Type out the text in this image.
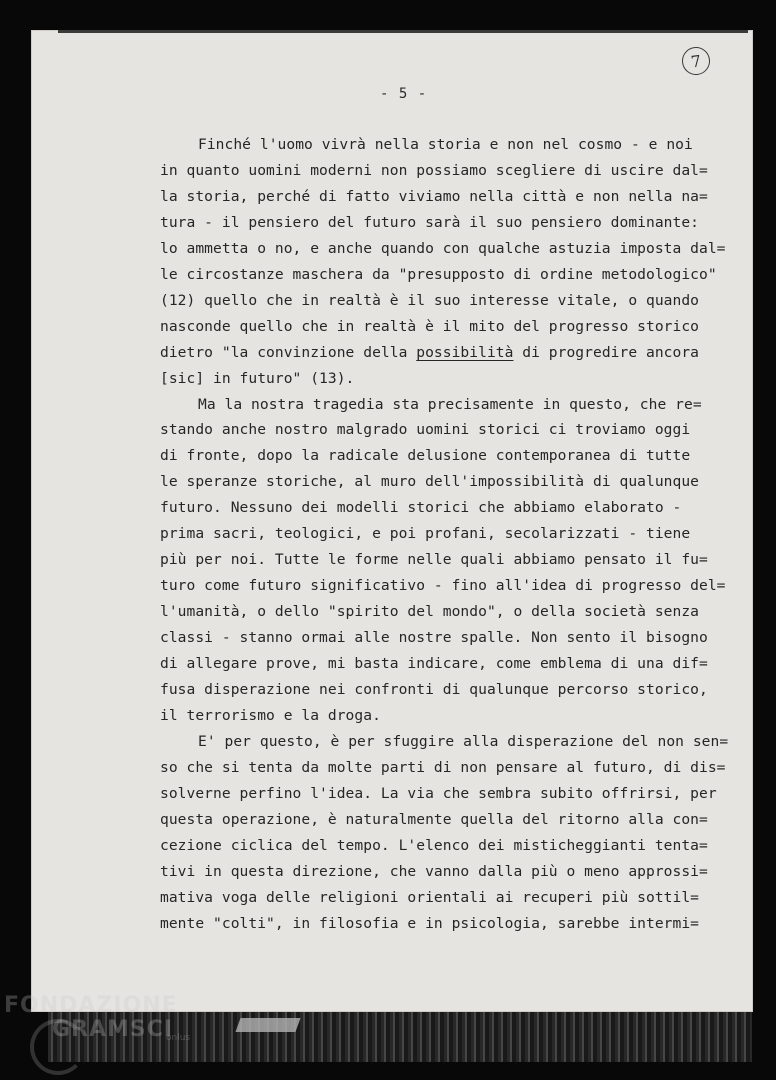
- 5 -
7
Finché l'uomo vivrà nella storia e non nel cosmo - e noi
in quanto uomini moderni non possiamo scegliere di uscire dal=
la storia, perché di fatto viviamo nella città e non nella na=
tura - il pensiero del futuro sarà il suo pensiero dominante:
lo ammetta o no, e anche quando con qualche astuzia imposta dal=
le circostanze maschera da "presupposto di ordine metodologico"
(12) quello che in realtà è il suo interesse vitale, o quando
nasconde quello che in realtà è il mito del progresso storico
dietro "la convinzione della possibilità di progredire ancora
[sic] in futuro" (13).
Ma la nostra tragedia sta precisamente in questo, che re=
stando anche nostro malgrado uomini storici ci troviamo oggi
di fronte, dopo la radicale delusione contemporanea di tutte
le speranze storiche, al muro dell'impossibilità di qualunque
futuro. Nessuno dei modelli storici che abbiamo elaborato -
prima sacri, teologici, e poi profani, secolarizzati - tiene
più per noi. Tutte le forme nelle quali abbiamo pensato il fu=
turo come futuro significativo - fino all'idea di progresso del=
l'umanità, o dello "spirito del mondo", o della società senza
classi - stanno ormai alle nostre spalle. Non sento il bisogno
di allegare prove, mi basta indicare, come emblema di una dif=
fusa disperazione nei confronti di qualunque percorso storico,
il terrorismo e la droga.
E' per questo, è per sfuggire alla disperazione del non sen=
so che si tenta da molte parti di non pensare al futuro, di dis=
solverne perfino l'idea. La via che sembra subito offrirsi, per
questa operazione, è naturalmente quella del ritorno alla con=
cezione ciclica del tempo. L'elenco dei misticheggianti tenta=
tivi in questa direzione, che vanno dalla più o meno approssi=
mativa voga delle religioni orientali ai recuperi più sottil=
mente "colti", in filosofia e in psicologia, sarebbe intermi=
FONDAZIONE
GRAMSCI
onlus
